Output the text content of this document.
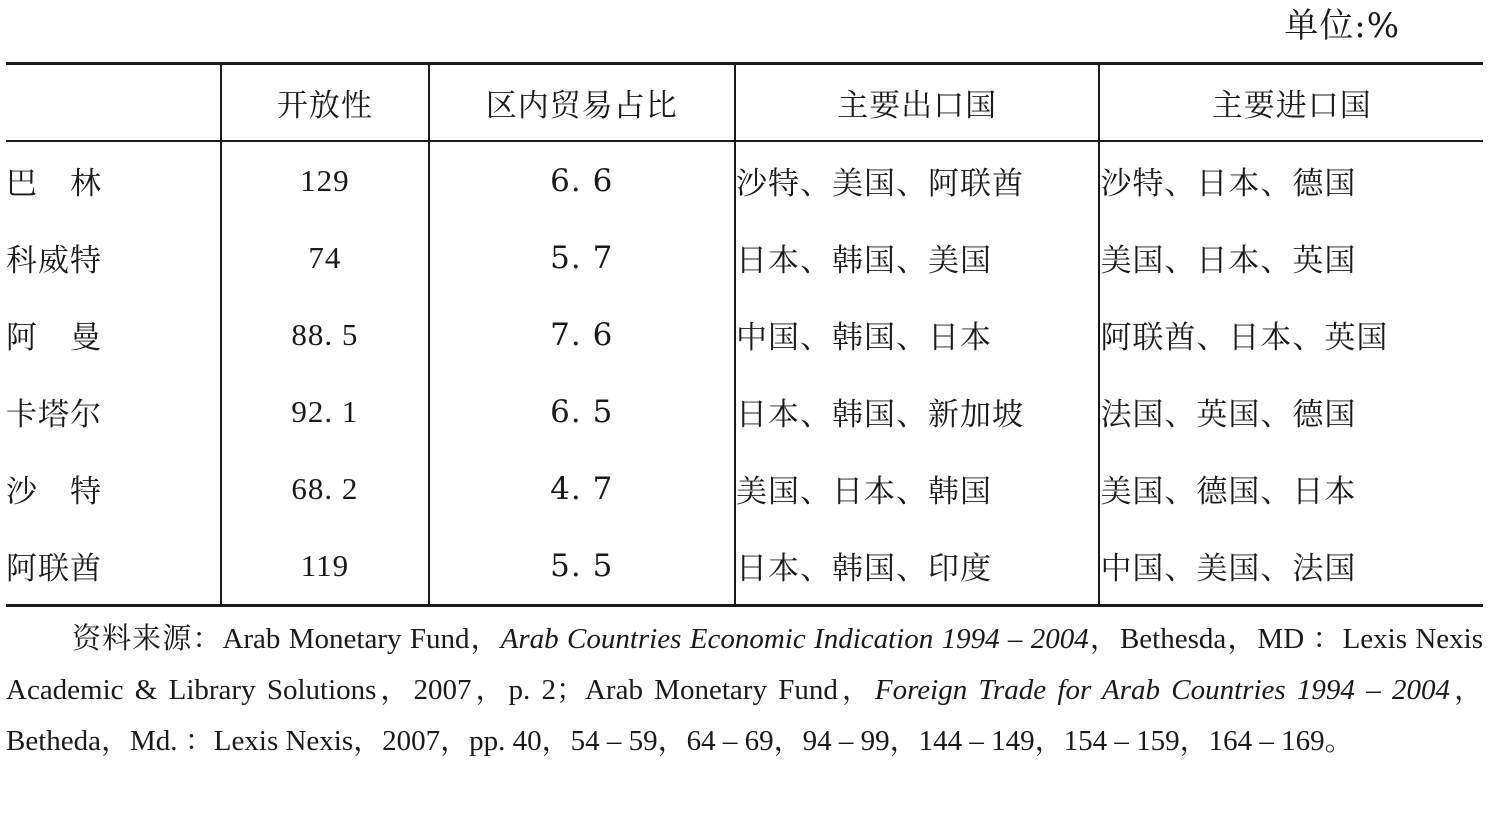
单位:%
	开放性	区内贸易占比	主要出口国	主要进口国
巴　林	129	6. 6	沙特、美国、阿联酋	沙特、日本、德国
科威特	74	5. 7	日本、韩国、美国	美国、日本、英国
阿　曼	88. 5	7. 6	中国、韩国、日本	阿联酋、日本、英国
卡塔尔	92. 1	6. 5	日本、韩国、新加坡	法国、英国、德国
沙　特	68. 2	4. 7	美国、日本、韩国	美国、德国、日本
阿联酋	119	5. 5	日本、韩国、印度	中国、美国、法国
资料来源：Arab Monetary Fund，Arab Countries Economic Indication 1994 – 2004，Bethesda，MD ：Lexis Nexis Academic & Library Solutions，2007，p. 2；Arab Monetary Fund，Foreign Trade for Arab Countries 1994 – 2004，Betheda，Md. ：Lexis Nexis，2007，pp. 40，54 – 59，64 – 69，94 – 99，144 – 149，154 – 159，164 – 169。
